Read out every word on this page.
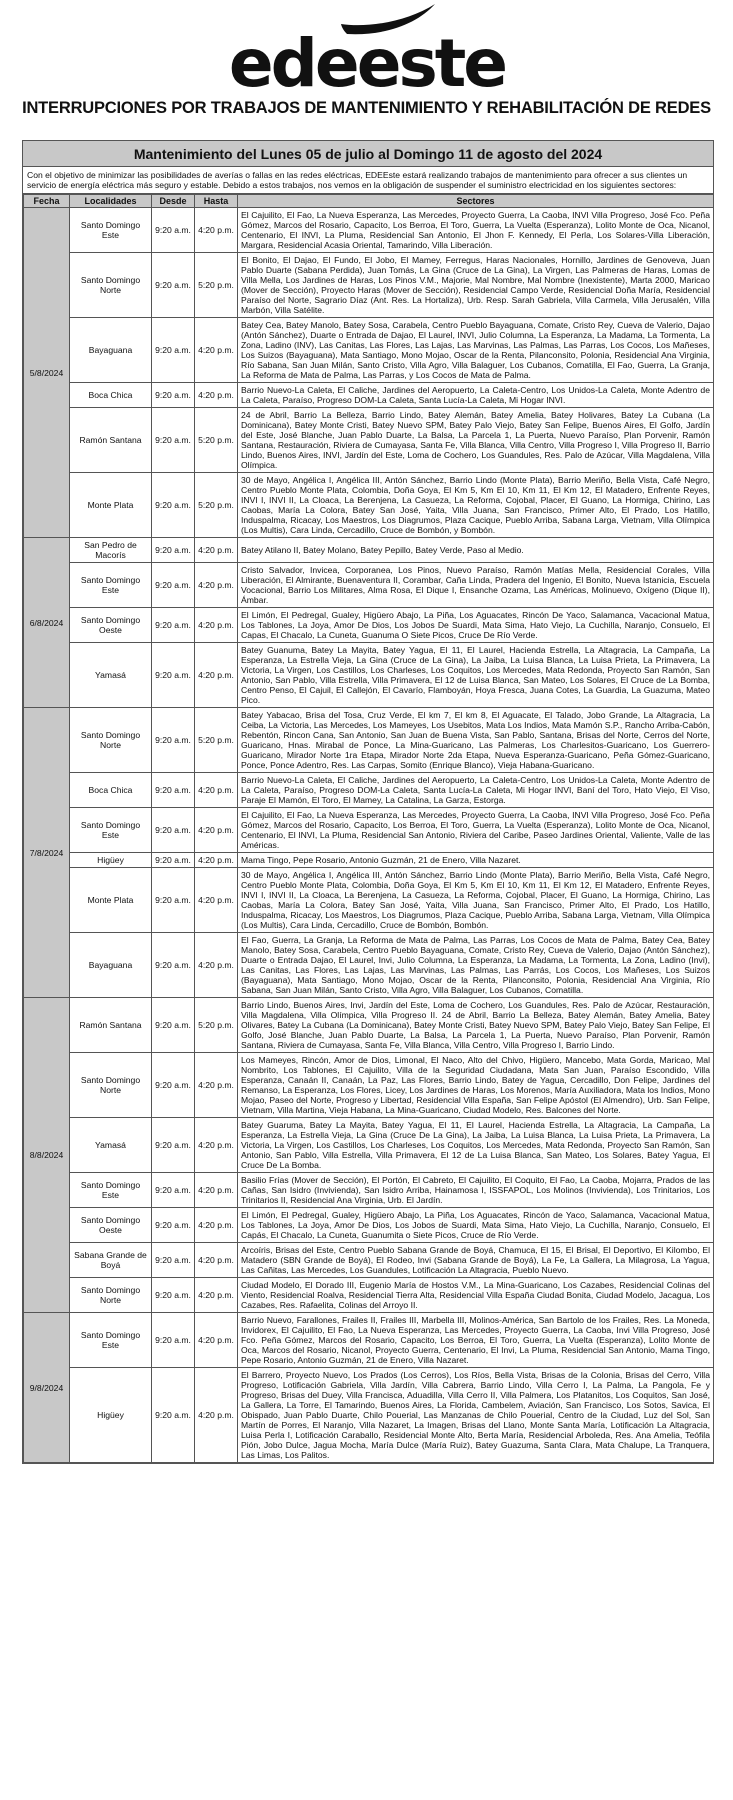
edeeste
INTERRUPCIONES POR TRABAJOS DE MANTENIMIENTO Y REHABILITACIÓN DE REDES
Mantenimiento del Lunes 05 de julio al Domingo 11 de agosto del 2024
Con el objetivo de minimizar las posibilidades de averías o fallas en las redes eléctricas, EDEEste estará realizando trabajos de mantenimiento para ofrecer a sus clientes un servicio de energía eléctrica más seguro y estable. Debido a estos trabajos, nos vemos en la obligación de suspender el suministro electricidad en los siguientes sectores:
Fecha	Localidades	Desde	Hasta	Sectores
5/8/2024	Santo Domingo Este	9:20 a.m.	4:20 p.m.	El Cajuilito, El Fao, La Nueva Esperanza, Las Mercedes, Proyecto Guerra, La Caoba, INVI Villa Progreso, José Fco. Peña Gómez, Marcos del Rosario, Capacito, Los Berroa, El Toro, Guerra, La Vuelta (Esperanza), Lolito Monte de Oca, Nicanol, Centenario, El INVI, La Pluma, Residencial San Antonio, El Jhon F. Kennedy, El Perla, Los Solares-Villa Liberación, Margara, Residencial Acasia Oriental, Tamarindo, Villa Liberación.
	Santo Domingo Norte	9:20 a.m.	5:20 p.m.	El Bonito, El Dajao, El Fundo, El Jobo, El Mamey, Ferregus, Haras Nacionales, Hornillo, Jardines de Genoveva, Juan Pablo Duarte (Sabana Perdida), Juan Tomás, La Gina (Cruce de La Gina), La Virgen, Las Palmeras de Haras, Lomas de Villa Mella, Los Jardines de Haras, Los Pinos V.M., Majorie, Mal Nombre, Mal Nombre (Inexistente), Marta 2000, Maricao (Mover de Sección), Proyecto Haras (Mover de Sección), Residencial Campo Verde, Residencial Doña María, Residencial Paraíso del Norte, Sagrario Díaz (Ant. Res. La Hortaliza), Urb. Resp. Sarah Gabriela, Villa Carmela, Villa Jerusalén, Villa Marbón, Villa Satélite.
	Bayaguana	9:20 a.m.	4:20 p.m.	Batey Cea, Batey Manolo, Batey Sosa, Carabela, Centro Pueblo Bayaguana, Comate, Cristo Rey, Cueva de Valerio, Dajao (Antón Sánchez), Duarte o Entrada de Dajao, El Laurel, INVI, Julio Columna, La Esperanza, La Madama, La Tormenta, La Zona, Ladino (INV), Las Canitas, Las Flores, Las Lajas, Las Marvinas, Las Palmas, Las Parras, Los Cocos, Los Mañeses, Los Suizos (Bayaguana), Mata Santiago, Mono Mojao, Oscar de la Renta, Pilanconsito, Polonia, Residencial Ana Virginia, Río Sabana, San Juan Milán, Santo Cristo, Villa Agro, Villa Balaguer, Los Cubanos, Comatilla, El Fao, Guerra, La Granja, La Reforma de Mata de Palma, Las Parras, y Los Cocos de Mata de Palma.
	Boca Chica	9:20 a.m.	4:20 p.m.	Barrio Nuevo-La Caleta, El Caliche, Jardines del Aeropuerto, La Caleta-Centro, Los Unidos-La Caleta, Monte Adentro de La Caleta, Paraíso, Progreso DOM-La Caleta, Santa Lucía-La Caleta, Mi Hogar INVI.
	Ramón Santana	9:20 a.m.	5:20 p.m.	24 de Abril, Barrio La Belleza, Barrio Lindo, Batey Alemán, Batey Amelia, Batey Holivares, Batey La Cubana (La Dominicana), Batey Monte Cristi, Batey Nuevo SPM, Batey Palo Viejo, Batey San Felipe, Buenos Aires, El Golfo, Jardín del Este, José Blanche, Juan Pablo Duarte, La Balsa, La Parcela 1, La Puerta, Nuevo Paraíso, Plan Porvenir, Ramón Santana, Restauración, Riviera de Cumayasa, Santa Fe, Villa Blanca, Villa Centro, Villa Progreso I, Villa Progreso II, Barrio Lindo, Buenos Aires, INVI, Jardín del Este, Loma de Cochero, Los Guandules, Res. Palo de Azúcar, Villa Magdalena, Villa Olímpica.
	Monte Plata	9:20 a.m.	5:20 p.m.	30 de Mayo, Angélica I, Angélica III, Antón Sánchez, Barrio Lindo (Monte Plata), Barrio Meriño, Bella Vista, Café Negro, Centro Pueblo Monte Plata, Colombia, Doña Goya, El Km 5, Km El 10, Km 11, El Km 12, El Matadero, Enfrente Reyes, INVI I, INVI II, La Cloaca, La Berenjena, La Casueza, La Reforma, Cojobal, Placer, El Guano, La Hormiga, Chirino, Las Caobas, María La Colora, Batey San José, Yaita, Villa Juana, San Francisco, Primer Alto, El Prado, Los Hatillo, Induspalma, Ricacay, Los Maestros, Los Diagrumos, Plaza Cacique, Pueblo Arriba, Sabana Larga, Vietnam, Villa Olímpica (Los Multis), Cara Linda, Cercadillo, Cruce de Bombón, y Bombón.
6/8/2024	San Pedro de Macorís	9:20 a.m.	4:20 p.m.	Batey Atilano II, Batey Molano, Batey Pepillo, Batey Verde, Paso al Medio.
	Santo Domingo Este	9:20 a.m.	4:20 p.m.	Cristo Salvador, Invicea, Corporanea, Los Pinos, Nuevo Paraíso, Ramón Matías Mella, Residencial Corales, Villa Liberación, El Almirante, Buenaventura II, Corambar, Caña Linda, Pradera del Ingenio, El Bonito, Nueva Istanicia, Escuela Vocacional, Barrio Los Militares, Alma Rosa, El Dique I, Ensanche Ozama, Las Américas, Molinuevo, Oxígeno (Dique II), Ámbar.
	Santo Domingo Oeste	9:20 a.m.	4:20 p.m.	El Limón, El Pedregal, Gualey, Higüero Abajo, La Piña, Los Aguacates, Rincón De Yaco, Salamanca, Vacacional Matua, Los Tablones, La Joya, Amor De Dios, Los Jobos De Suardi, Mata Sima, Hato Viejo, La Cuchilla, Naranjo, Consuelo, El Capas, El Chacalo, La Cuneta, Guanuma O Siete Picos, Cruce De Río Verde.
	Yamasá	9:20 a.m.	4:20 p.m.	Batey Guanuma, Batey La Mayita, Batey Yagua, El 11, El Laurel, Hacienda Estrella, La Altagracia, La Campaña, La Esperanza, La Estrella Vieja, La Gina (Cruce de La Gina), La Jaiba, La Luisa Blanca, La Luisa Prieta, La Primavera, La Victoria, La Virgen, Los Castillos, Los Charleses, Los Coquitos, Los Mercedes, Mata Redonda, Proyecto San Ramón, San Antonio, San Pablo, Villa Estrella, Villa Primavera, El 12 de Luisa Blanca, San Mateo, Los Solares, El Cruce de La Bomba, Centro Penso, El Cajuil, El Callejón, El Cavarío, Flamboyán, Hoya Fresca, Juana Cotes, La Guardia, La Guazuma, Mateo Pico.
7/8/2024	Santo Domingo Norte	9:20 a.m.	5:20 p.m.	Batey Yabacao, Brisa del Tosa, Cruz Verde, El km 7, El km 8, El Aguacate, El Talado, Jobo Grande, La Altagracia, La Ceiba, La Victoria, Las Mercedes, Los Mameyes, Los Usebitos, Mata Los Indios, Mata Mamón S.P., Rancho Arriba-Cabón, Rebentón, Rincon Cana, San Antonio, San Juan de Buena Vista, San Pablo, Santana, Brisas del Norte, Cerros del Norte, Guaricano, Hnas. Mirabal de Ponce, La Mina-Guaricano, Las Palmeras, Los Charlesitos-Guaricano, Los Guerrero-Guaricano, Mirador Norte 1ra Etapa, Mirador Norte 2da Etapa, Nueva Esperanza-Guaricano, Peña Gómez-Guaricano, Ponce, Ponce Adentro, Res. Las Carpas, Somito (Enrique Blanco), Vieja Habana-Guaricano.
	Boca Chica	9:20 a.m.	4:20 p.m.	Barrio Nuevo-La Caleta, El Caliche, Jardines del Aeropuerto, La Caleta-Centro, Los Unidos-La Caleta, Monte Adentro de La Caleta, Paraíso, Progreso DOM-La Caleta, Santa Lucía-La Caleta, Mi Hogar INVI, Baní del Toro, Hato Viejo, El Viso, Paraje El Mamón, El Toro, El Mamey, La Catalina, La Garza, Estorga.
	Santo Domingo Este	9:20 a.m.	4:20 p.m.	El Cajuilito, El Fao, La Nueva Esperanza, Las Mercedes, Proyecto Guerra, La Caoba, INVI Villa Progreso, José Fco. Peña Gómez, Marcos del Rosario, Capacito, Los Berroa, El Toro, Guerra, La Vuelta (Esperanza), Lolito Monte de Oca, Nicanol, Centenario, El INVI, La Pluma, Residencial San Antonio, Riviera del Caribe, Paseo Jardines Oriental, Valiente, Valle de las Américas.
	Higüey	9:20 a.m.	4:20 p.m.	Mama Tingo, Pepe Rosario, Antonio Guzmán, 21 de Enero, Villa Nazaret.
	Monte Plata	9:20 a.m.	4:20 p.m.	30 de Mayo, Angélica I, Angélica III, Antón Sánchez, Barrio Lindo (Monte Plata), Barrio Meriño, Bella Vista, Café Negro, Centro Pueblo Monte Plata, Colombia, Doña Goya, El Km 5, Km El 10, Km 11, El Km 12, El Matadero, Enfrente Reyes, INVI I, INVI II, La Cloaca, La Berenjena, La Casueza, La Reforma, Cojobal, Placer, El Guano, La Hormiga, Chirino, Las Caobas, María La Colora, Batey San José, Yaita, Villa Juana, San Francisco, Primer Alto, El Prado, Los Hatillo, Induspalma, Ricacay, Los Maestros, Los Diagrumos, Plaza Cacique, Pueblo Arriba, Sabana Larga, Vietnam, Villa Olímpica (Los Multis), Cara Linda, Cercadillo, Cruce de Bombón, Bombón.
	Bayaguana	9:20 a.m.	4:20 p.m.	El Fao, Guerra, La Granja, La Reforma de Mata de Palma, Las Parras, Los Cocos de Mata de Palma, Batey Cea, Batey Manolo, Batey Sosa, Carabela, Centro Pueblo Bayaguana, Comate, Cristo Rey, Cueva de Valerio, Dajao (Antón Sánchez), Duarte o Entrada Dajao, El Laurel, Invi, Julio Columna, La Esperanza, La Madama, La Tormenta, La Zona, Ladino (Invi), Las Canitas, Las Flores, Las Lajas, Las Marvinas, Las Palmas, Las Parrás, Los Cocos, Los Mañeses, Los Suizos (Bayaguana), Mata Santiago, Mono Mojao, Oscar de la Renta, Pilanconsito, Polonia, Residencial Ana Virginia, Río Sabana, San Juan Milán, Santo Cristo, Villa Agro, Villa Balaguer, Los Cubanos, Comatilla.
8/8/2024	Ramón Santana	9:20 a.m.	5:20 p.m.	Barrio Lindo, Buenos Aires, Invi, Jardín del Este, Loma de Cochero, Los Guandules, Res. Palo de Azúcar, Restauración, Villa Magdalena, Villa Olímpica, Villa Progreso II. 24 de Abril, Barrio La Belleza, Batey Alemán, Batey Amelia, Batey Olivares, Batey La Cubana (La Dominicana), Batey Monte Cristi, Batey Nuevo SPM, Batey Palo Viejo, Batey San Felipe, El Golfo, José Blanche, Juan Pablo Duarte, La Balsa, La Parcela 1, La Puerta, Nuevo Paraíso, Plan Porvenir, Ramón Santana, Riviera de Cumayasa, Santa Fe, Villa Blanca, Villa Centro, Villa Progreso I, Barrio Lindo.
	Santo Domingo Norte	9:20 a.m.	4:20 p.m.	Los Mameyes, Rincón, Amor de Dios, Limonal, El Naco, Alto del Chivo, Higüero, Mancebo, Mata Gorda, Maricao, Mal Nombrito, Los Tablones, El Cajuilito, Villa de la Seguridad Ciudadana, Mata San Juan, Paraíso Escondido, Villa Esperanza, Canaán II, Canaán, La Paz, Las Flores, Barrio Lindo, Batey de Yagua, Cercadillo, Don Felipe, Jardines del Remanso, La Esperanza, Los Flores, Licey, Los Jardines de Haras, Los Morenos, María Auxiliadora, Mata los Indios, Mono Mojao, Paseo del Norte, Progreso y Libertad, Residencial Villa España, San Felipe Apóstol (El Almendro), Urb. San Felipe, Vietnam, Villa Martina, Vieja Habana, La Mina-Guaricano, Ciudad Modelo, Res. Balcones del Norte.
	Yamasá	9:20 a.m.	4:20 p.m.	Batey Guaruma, Batey La Mayita, Batey Yagua, El 11, El Laurel, Hacienda Estrella, La Altagracia, La Campaña, La Esperanza, La Estrella Vieja, La Gina (Cruce De La Gina), La Jaiba, La Luisa Blanca, La Luisa Prieta, La Primavera, La Victoria, La Virgen, Los Castillos, Los Charleses, Los Coquitos, Los Mercedes, Mata Redonda, Proyecto San Ramón, San Antonio, San Pablo, Villa Estrella, Villa Primavera, El 12 de La Luisa Blanca, San Mateo, Los Solares, Batey Yagua, El Cruce De La Bomba.
	Santo Domingo Este	9:20 a.m.	4:20 p.m.	Basilio Frías (Mover de Sección), El Portón, El Cabreto, El Cajuilito, El Coquito, El Fao, La Caoba, Mojarra, Prados de las Cañas, San Isidro (Invivienda), San Isidro Arriba, Hainamosa I, ISSFAPOL, Los Molinos (Invivienda), Los Trinitarios, Los Trinitarios II, Residencial Ana Virginia, Urb. El Jardín.
	Santo Domingo Oeste	9:20 a.m.	4:20 p.m.	El Limón, El Pedregal, Gualey, Higüero Abajo, La Piña, Los Aguacates, Rincón de Yaco, Salamanca, Vacacional Matua, Los Tablones, La Joya, Amor De Dios, Los Jobos de Suardi, Mata Sima, Hato Viejo, La Cuchilla, Naranjo, Consuelo, El Capás, El Chacalo, La Cuneta, Guanumita o Siete Picos, Cruce de Río Verde.
	Sabana Grande de Boyá	9:20 a.m.	4:20 p.m.	Arcoíris, Brisas del Este, Centro Pueblo Sabana Grande de Boyá, Chamuca, El 15, El Brisal, El Deportivo, El Kilombo, El Matadero (SBN Grande de Boyá), El Rodeo, Invi (Sabana Grande de Boyá), La Fe, La Gallera, La Milagrosa, La Yagua, Las Cañitas, Las Mercedes, Los Guandules, Lotificación La Altagracia, Pueblo Nuevo.
	Santo Domingo Norte	9:20 a.m.	4:20 p.m.	Ciudad Modelo, El Dorado III, Eugenio María de Hostos V.M., La Mina-Guaricano, Los Cazabes, Residencial Colinas del Viento, Residencial Roalva, Residencial Tierra Alta, Residencial Villa España Ciudad Bonita, Ciudad Modelo, Jacagua, Los Cazabes, Res. Rafaelita, Colinas del Arroyo II.
9/8/2024	Santo Domingo Este	9:20 a.m.	4:20 p.m.	Barrio Nuevo, Farallones, Frailes II, Frailes III, Marbella III, Molinos-América, San Bartolo de los Frailes, Res. La Moneda, Invidorex, El Cajuilito, El Fao, La Nueva Esperanza, Las Mercedes, Proyecto Guerra, La Caoba, Invi Villa Progreso, José Fco. Peña Gómez, Marcos del Rosario, Capacito, Los Berroa, El Toro, Guerra, La Vuelta (Esperanza), Lolito Monte de Oca, Marcos del Rosario, Nicanol, Proyecto Guerra, Centenario, El Invi, La Pluma, Residencial San Antonio, Mama Tingo, Pepe Rosario, Antonio Guzmán, 21 de Enero, Villa Nazaret.
	Higüey	9:20 a.m.	4:20 p.m.	El Barrero, Proyecto Nuevo, Los Prados (Los Cerros), Los Ríos, Bella Vista, Brisas de la Colonia, Brisas del Cerro, Villa Progreso, Lotificación Gabriela, Villa Jardín, Villa Cabrera, Barrio Lindo, Villa Cerro I, La Palma, La Pangola, Fe y Progreso, Brisas del Duey, Villa Francisca, Aduadilla, Villa Cerro II, Villa Palmera, Los Platanitos, Los Coquitos, San José, La Gallera, La Torre, El Tamarindo, Buenos Aires, La Florida, Cambelem, Aviación, San Francisco, Los Sotos, Savica, El Obispado, Juan Pablo Duarte, Chilo Pouerial, Las Manzanas de Chilo Pouerial, Centro de la Ciudad, Luz del Sol, San Martín de Porres, El Naranjo, Villa Nazaret, La Imagen, Brisas del Llano, Monte Santa María, Lotificación La Altagracia, Luisa Perla I, Lotificación Caraballo, Residencial Monte Alto, Berta María, Residencial Arboleda, Res. Ana Amelia, Teófila Pión, Jobo Dulce, Jagua Mocha, María Dulce (María Ruiz), Batey Guazuma, Santa Clara, Mata Chalupe, La Tranquera, Las Limas, Los Palitos.
